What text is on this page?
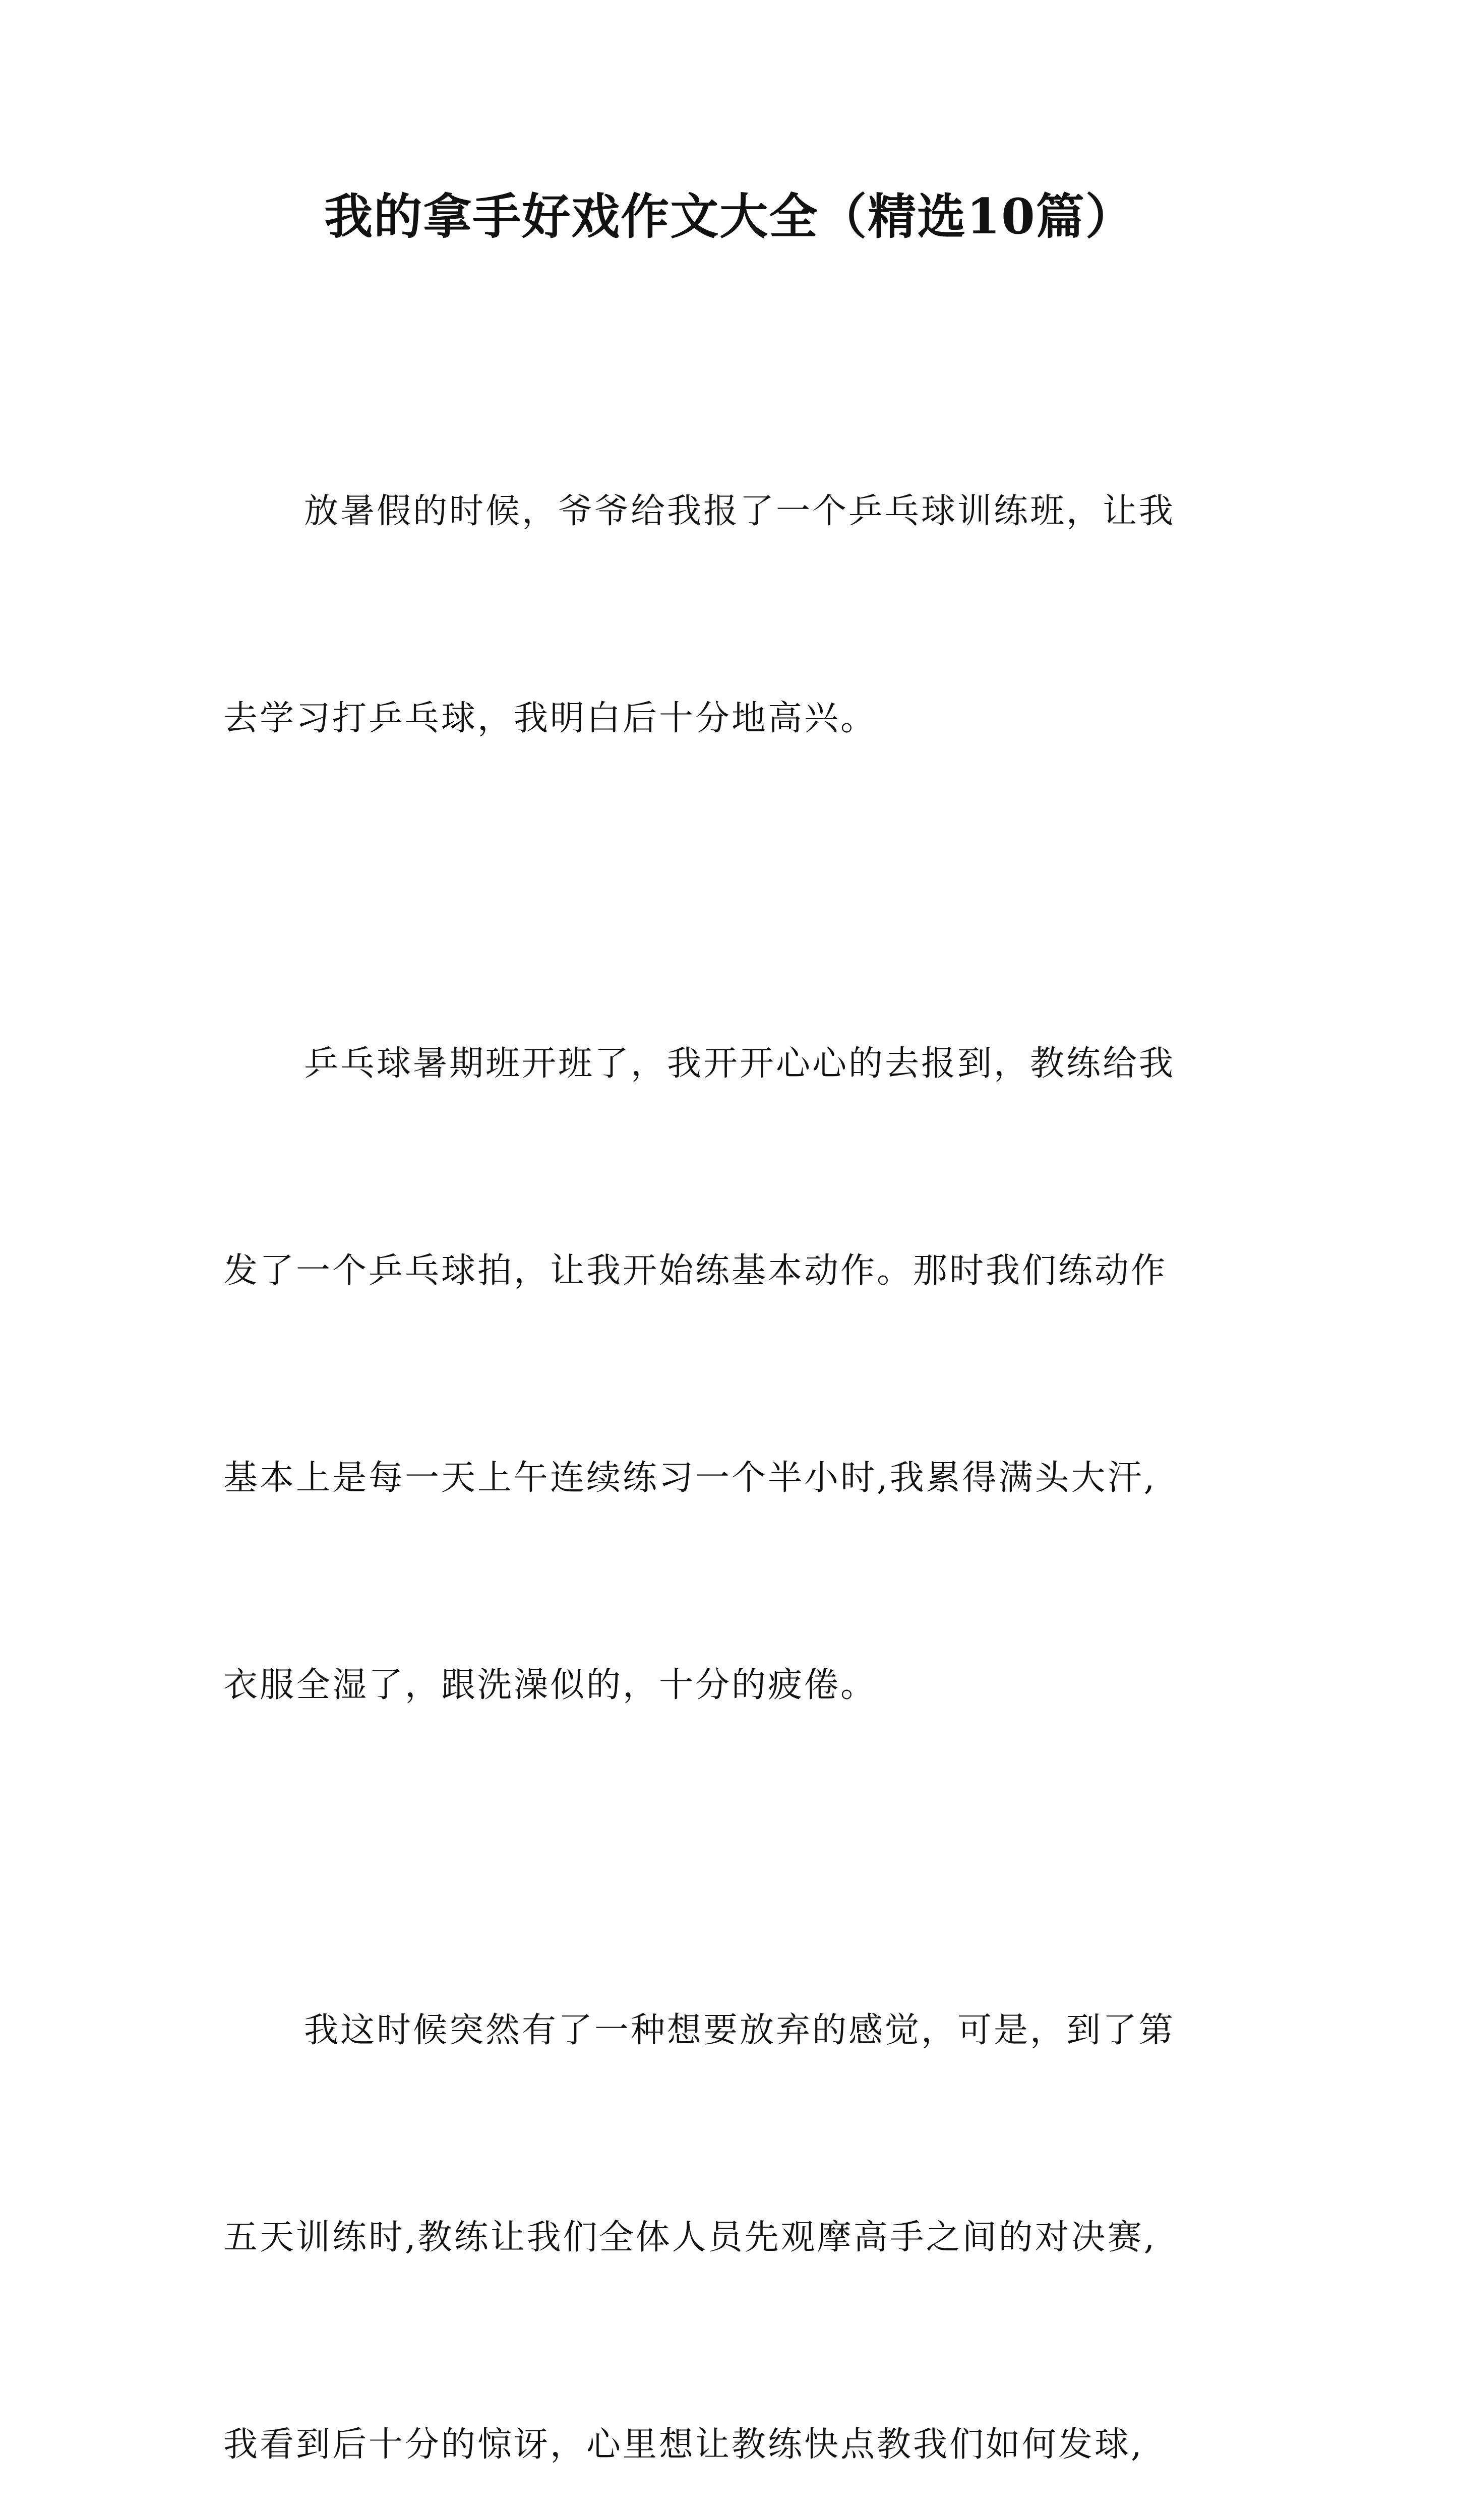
我的拿手好戏作文大全（精选10篇）

放暑假的时候，爷爷给我报了一个乒乓球训练班，让我

去学习打乒乓球，我明白后十分地高兴。

乒乓球暑期班开班了，我开开心心的去报到，教练给我

发了一个乒乓球拍，让我开始练基本动作。那时我们练动作

基本上是每一天上午连续练习一个半小时,我累得满头大汗,

衣服全湿了，跟洗澡似的，十分的疲倦。

我这时候突然有了一种想要放弃的感觉，可是，到了第

五天训练时,教练让我们全体人员先观摩高手之间的对决赛,

我看到后十分的惊讶，心里想让教练快点教我们如何发球,
